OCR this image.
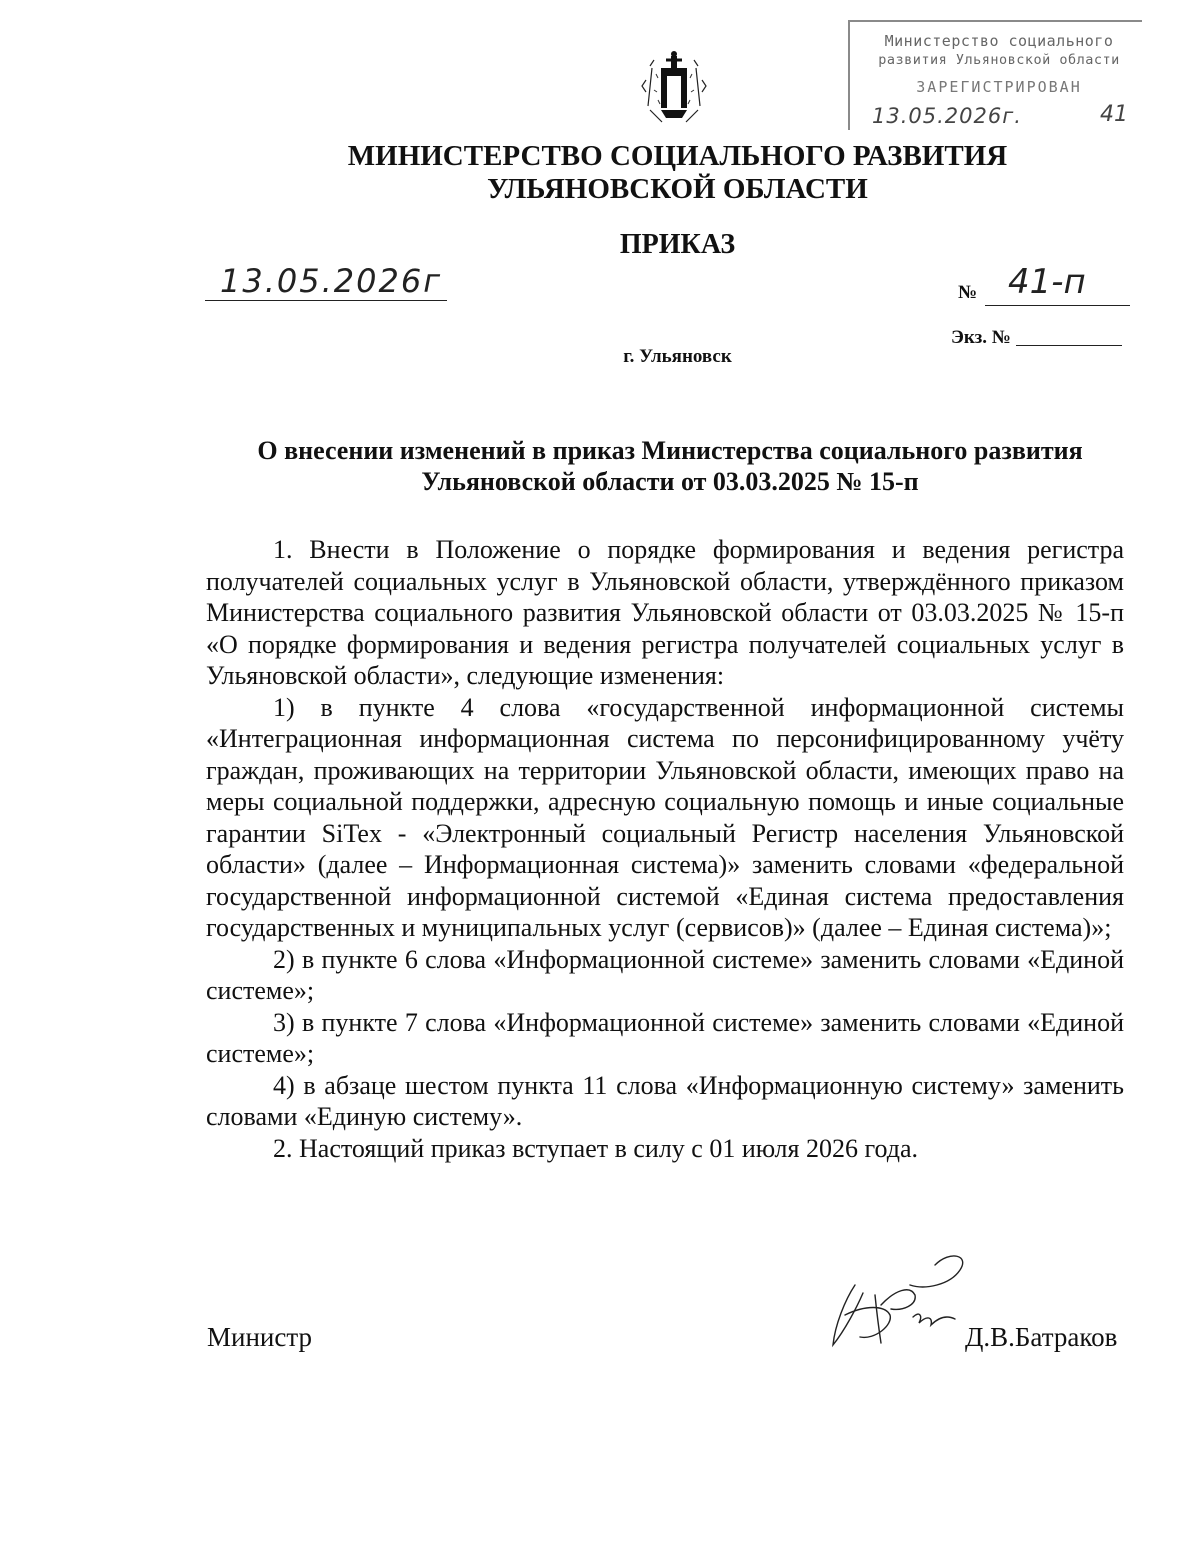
Министерство социального
развития Ульяновской области
ЗАРЕГИСТРИРОВАН
13.05.2026г.	41
МИНИСТЕРСТВО СОЦИАЛЬНОГО РАЗВИТИЯ
УЛЬЯНОВСКОЙ ОБЛАСТИ
ПРИКАЗ
13.05.2026г	№ 41-п
Экз. №
г. Ульяновск
О внесении изменений в приказ Министерства социального развития
Ульяновской области от 03.03.2025 № 15-п

1. Внести в Положение о порядке формирования и ведения регистра получателей социальных услуг в Ульяновской области, утверждённого приказом Министерства социального развития Ульяновской области от 03.03.2025 № 15-п «О порядке формирования и ведения регистра получателей социальных услуг в Ульяновской области», следующие изменения:

1) в пункте 4 слова «государственной информационной системы «Интеграционная информационная система по персонифицированному учёту граждан, проживающих на территории Ульяновской области, имеющих право на меры социальной поддержки, адресную социальную помощь и иные социальные гарантии SiTex - «Электронный социальный Регистр населения Ульяновской области» (далее – Информационная система)» заменить словами «федеральной государственной информационной системой «Единая система предоставления государственных и муниципальных услуг (сервисов)» (далее – Единая система)»;

2) в пункте 6 слова «Информационной системе» заменить словами «Единой системе»;

3) в пункте 7 слова «Информационной системе» заменить словами «Единой системе»;

4) в абзаце шестом пункта 11 слова «Информационную систему» заменить словами «Единую систему».

2. Настоящий приказ вступает в силу с 01 июля 2026 года.

Министр	Д.В.Батраков
